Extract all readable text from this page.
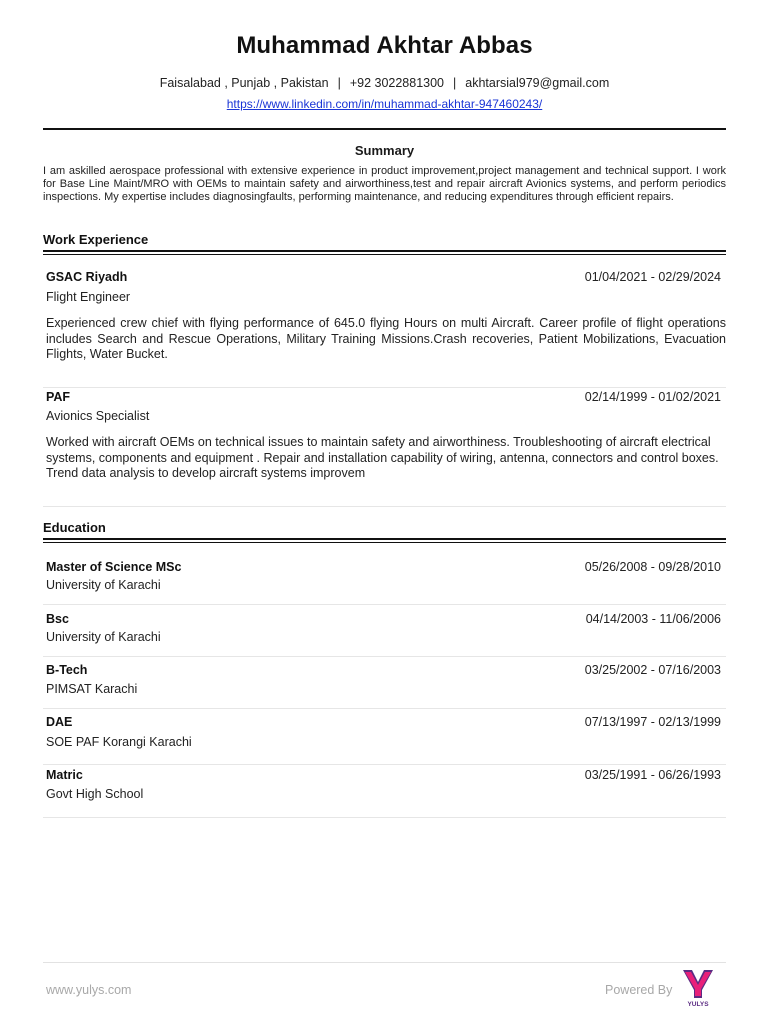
Muhammad Akhtar Abbas
Faisalabad , Punjab , Pakistan | +92 3022881300 | akhtarsial979@gmail.com
https://www.linkedin.com/in/muhammad-akhtar-947460243/
Summary
I am askilled aerospace professional with extensive experience in product improvement,project management and technical support. I work for Base Line Maint/MRO with OEMs to maintain safety and airworthiness,test and repair aircraft Avionics systems, and perform periodics inspections. My expertise includes diagnosingfaults, performing maintenance, and reducing expenditures through efficient repairs.
Work Experience
GSAC Riyadh	01/04/2021 - 02/29/2024
Flight Engineer
Experienced crew chief with flying performance of 645.0 flying Hours on multi Aircraft. Career profile of flight operations includes Search and Rescue Operations, Military Training Missions.Crash recoveries, Patient Mobilizations, Evacuation Flights, Water Bucket.
PAF	02/14/1999 - 01/02/2021
Avionics Specialist
Worked with aircraft OEMs on technical issues to maintain safety and airworthiness. Troubleshooting of aircraft electrical systems, components and equipment . Repair and installation capability of wiring, antenna, connectors and control boxes. Trend data analysis to develop aircraft systems improvem
Education
Master of Science MSc	05/26/2008 - 09/28/2010
University of Karachi
Bsc	04/14/2003 - 11/06/2006
University of Karachi
B-Tech	03/25/2002 - 07/16/2003
PIMSAT Karachi
DAE	07/13/1997 - 02/13/1999
SOE PAF Korangi Karachi
Matric	03/25/1991 - 06/26/1993
Govt High School
www.yulys.com	Powered By
YULYS
